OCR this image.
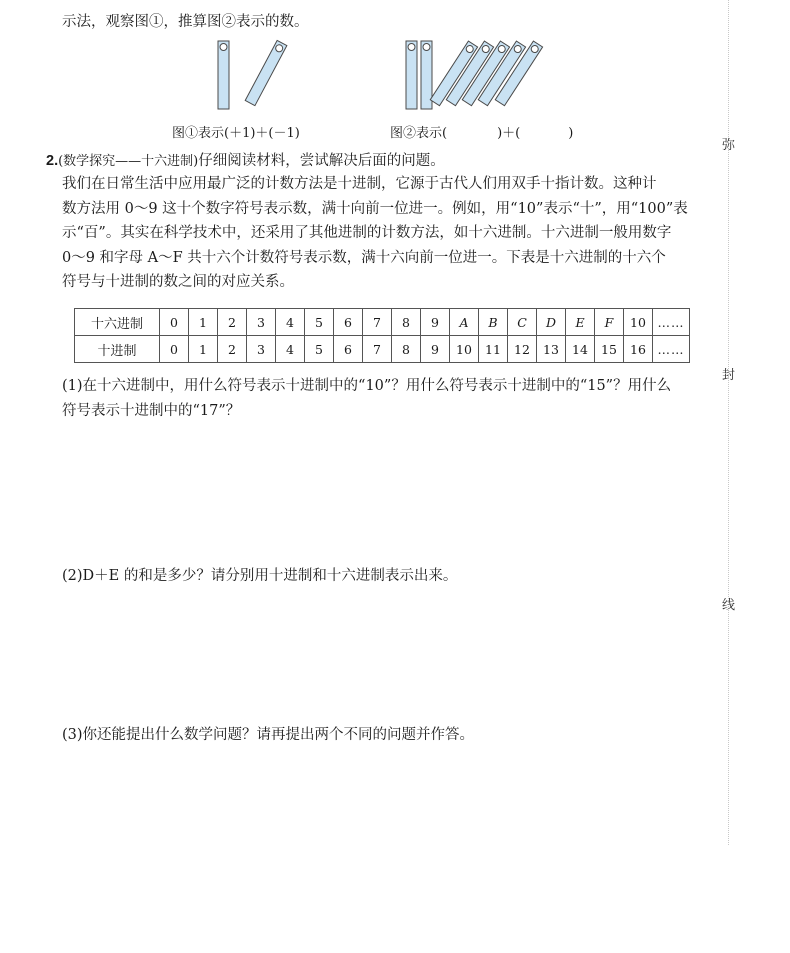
弥
封
线
示法，观察图①，推算图②表示的数。
图①表示(＋1)＋(－1)	图②表示(	)＋(	)
2.(数学探究——十六进制)仔细阅读材料，尝试解决后面的问题。
我们在日常生活中应用最广泛的计数方法是十进制，它源于古代人们用双手十指计数。这种计
数方法用 0～9 这十个数字符号表示数，满十向前一位进一。例如，用“10”表示“十”，用“100”表
示“百”。其实在科学技术中，还采用了其他进制的计数方法，如十六进制。十六进制一般用数字
0～9 和字母 A～F 共十六个计数符号表示数，满十六向前一位进一。下表是十六进制的十六个
符号与十进制的数之间的对应关系。
十六进制	0	1	2	3	4	5	6	7	8	9	A	B	C	D	E	F	10	……
十进制	0	1	2	3	4	5	6	7	8	9	10	11	12	13	14	15	16	……
(1)在十六进制中，用什么符号表示十进制中的“10”？用什么符号表示十进制中的“15”？用什么
符号表示十进制中的“17”？
(2)D＋E 的和是多少？请分别用十进制和十六进制表示出来。
(3)你还能提出什么数学问题？请再提出两个不同的问题并作答。
